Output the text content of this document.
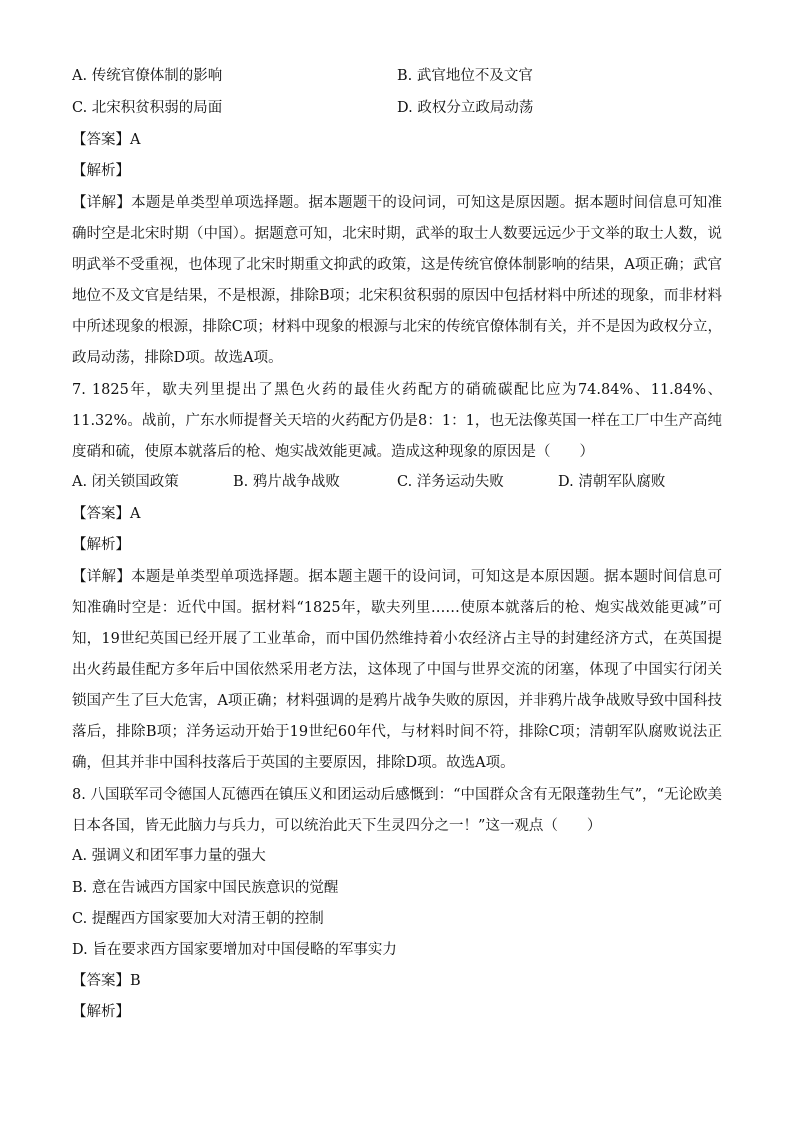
A. 传统官僚体制的影响	B. 武官地位不及文官
C. 北宋积贫积弱的局面	D. 政权分立政局动荡
【答案】A
【解析】
【详解】本题是单类型单项选择题。据本题题干的设问词，可知这是原因题。据本题时间信息可知准确时空是北宋时期（中国）。据题意可知，北宋时期，武举的取士人数要远远少于文举的取士人数，说明武举不受重视，也体现了北宋时期重文抑武的政策，这是传统官僚体制影响的结果，A项正确；武官地位不及文官是结果，不是根源，排除B项；北宋积贫积弱的原因中包括材料中所述的现象，而非材料中所述现象的根源，排除C项；材料中现象的根源与北宋的传统官僚体制有关，并不是因为政权分立，政局动荡，排除D项。故选A项。
7. 1825年，歇夫列里提出了黑色火药的最佳火药配方的硝硫碳配比应为74.84%、11.84%、11.32%。战前，广东水师提督关天培的火药配方仍是8：1：1，也无法像英国一样在工厂中生产高纯度硝和硫，使原本就落后的枪、炮实战效能更减。造成这种现象的原因是（　　）
A. 闭关锁国政策	B. 鸦片战争战败	C. 洋务运动失败	D. 清朝军队腐败
【答案】A
【解析】
【详解】本题是单类型单项选择题。据本题主题干的设问词，可知这是本原因题。据本题时间信息可知准确时空是：近代中国。据材料“1825年，歇夫列里……使原本就落后的枪、炮实战效能更减”可知，19世纪英国已经开展了工业革命，而中国仍然维持着小农经济占主导的封建经济方式，在英国提出火药最佳配方多年后中国依然采用老方法，这体现了中国与世界交流的闭塞，体现了中国实行闭关锁国产生了巨大危害，A项正确；材料强调的是鸦片战争失败的原因，并非鸦片战争战败导致中国科技落后，排除B项；洋务运动开始于19世纪60年代，与材料时间不符，排除C项；清朝军队腐败说法正确，但其并非中国科技落后于英国的主要原因，排除D项。故选A项。
8. 八国联军司令德国人瓦德西在镇压义和团运动后感慨到：“中国群众含有无限蓬勃生气”，“无论欧美日本各国，皆无此脑力与兵力，可以统治此天下生灵四分之一！”这一观点（　　）
A. 强调义和团军事力量的强大
B. 意在告诫西方国家中国民族意识的觉醒
C. 提醒西方国家要加大对清王朝的控制
D. 旨在要求西方国家要增加对中国侵略的军事实力
【答案】B
【解析】
